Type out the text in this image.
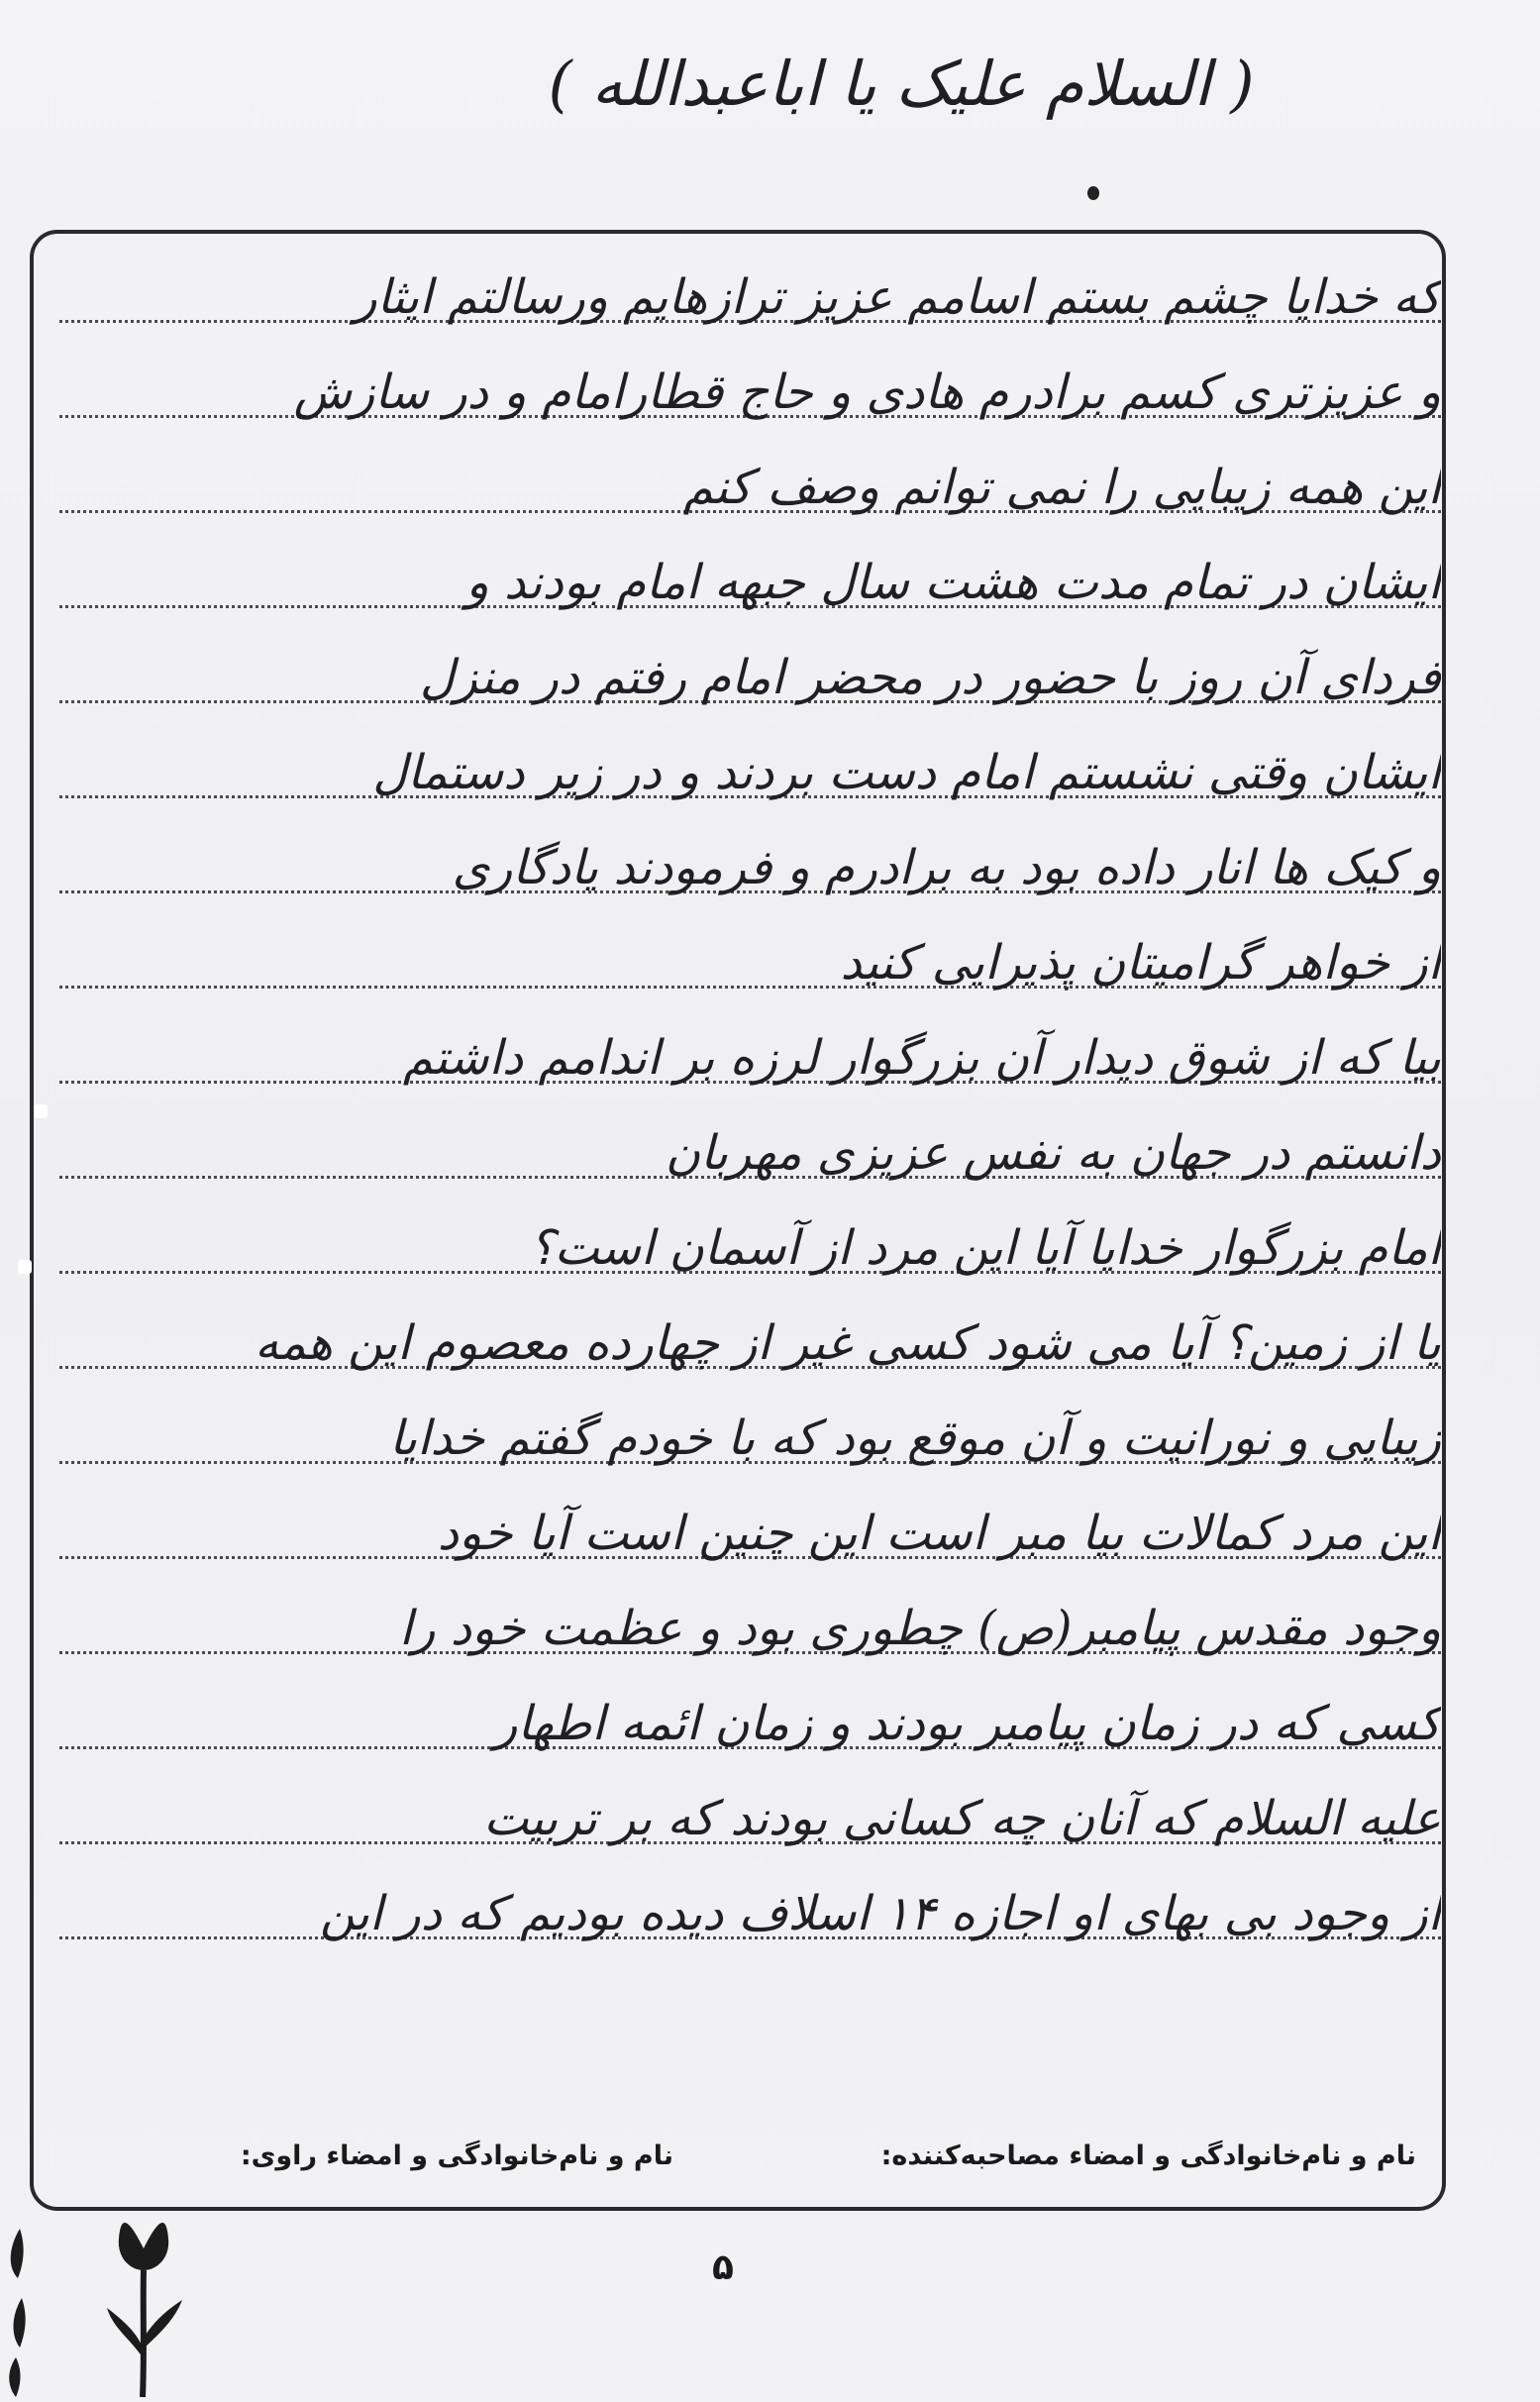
( السلام علیک یا اباعبدالله )
که خدایا چشم بستم اسامم عزیز ترازهایم ورسالتم ایثار
و عزیزتری کسم برادرم هادی و حاج قطارامام و در سازش
این همه زیبایی را نمی توانم وصف کنم
ایشان در تمام مدت هشت سال جبهه امام بودند و
فردای آن روز با حضور در محضر امام رفتم در منزل
ایشان وقتی نشستم امام دست بردند و در زیر دستمال
و کیک ها انار داده بود به برادرم و فرمودند یادگاری
از خواهر گرامیتان پذیرایی کنید
بیا که از شوق دیدار آن بزرگوار لرزه بر اندامم داشتم
دانستم در جهان به نفس عزیزی مهربان
امام بزرگوار خدایا آیا این مرد از آسمان است؟
یا از زمین؟ آیا می شود کسی غیر از چهارده معصوم این همه
زیبایی و نورانیت و آن موقع بود که با خودم گفتم خدایا
این مرد کمالات بیا مبر است این چنین است آیا خود
وجود مقدس پیامبر(ص) چطوری بود و عظمت خود را
کسی که در زمان پیامبر بودند و زمان ائمه اطهار
علیه السلام که آنان چه کسانی بودند که بر تربیت
از وجود بی بهای او اجازه ۱۴ اسلاف دیده بودیم که در این
نام و نام‌خانوادگی و امضاء مصاحبه‌کننده:
نام و نام‌خانوادگی و امضاء راوی:
۵
